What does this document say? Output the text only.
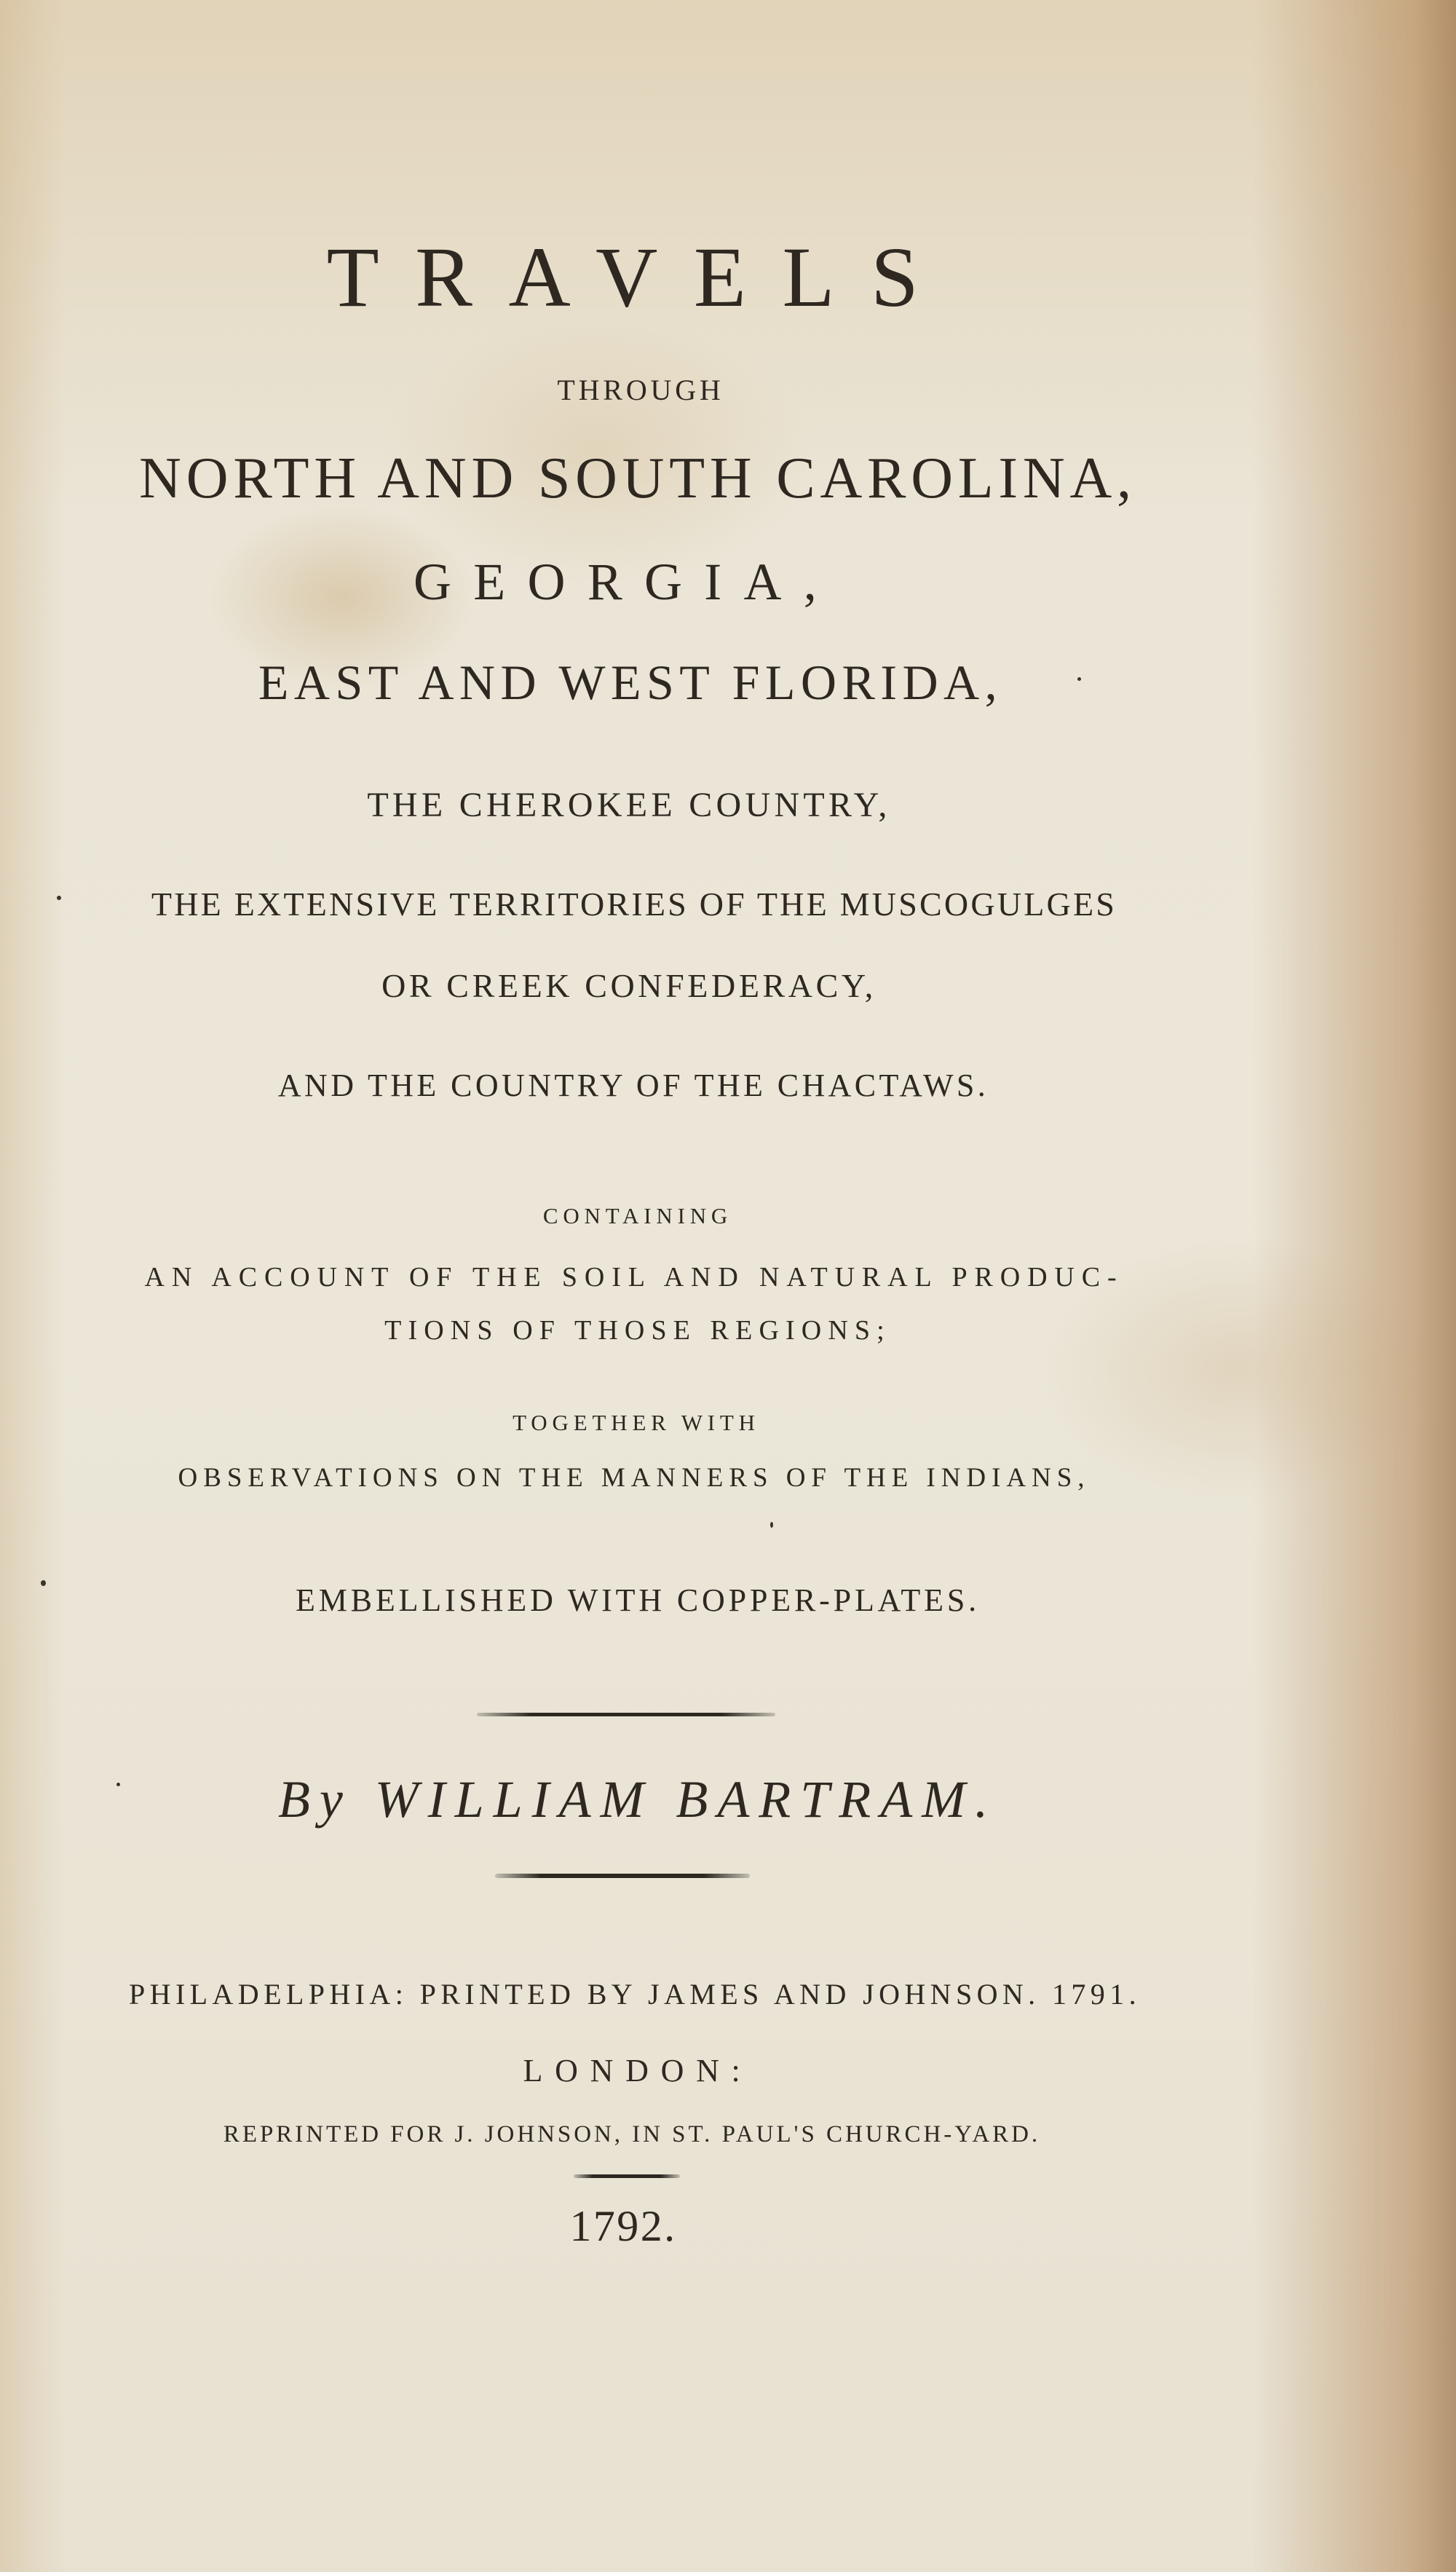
TRAVELS
THROUGH
NORTH AND SOUTH CAROLINA,
GEORGIA,
EAST AND WEST FLORIDA,
THE CHEROKEE COUNTRY,
THE EXTENSIVE TERRITORIES OF THE MUSCOGULGES
OR CREEK CONFEDERACY,
AND THE COUNTRY OF THE CHACTAWS.
CONTAINING
AN ACCOUNT OF THE SOIL AND NATURAL PRODUC-
TIONS OF THOSE REGIONS;
TOGETHER WITH
OBSERVATIONS ON THE MANNERS OF THE INDIANS,
EMBELLISHED WITH COPPER-PLATES.
By WILLIAM BARTRAM.
PHILADELPHIA: PRINTED BY JAMES AND JOHNSON. 1791.
LONDON:
REPRINTED FOR J. JOHNSON, IN ST. PAUL'S CHURCH-YARD.
1792.
